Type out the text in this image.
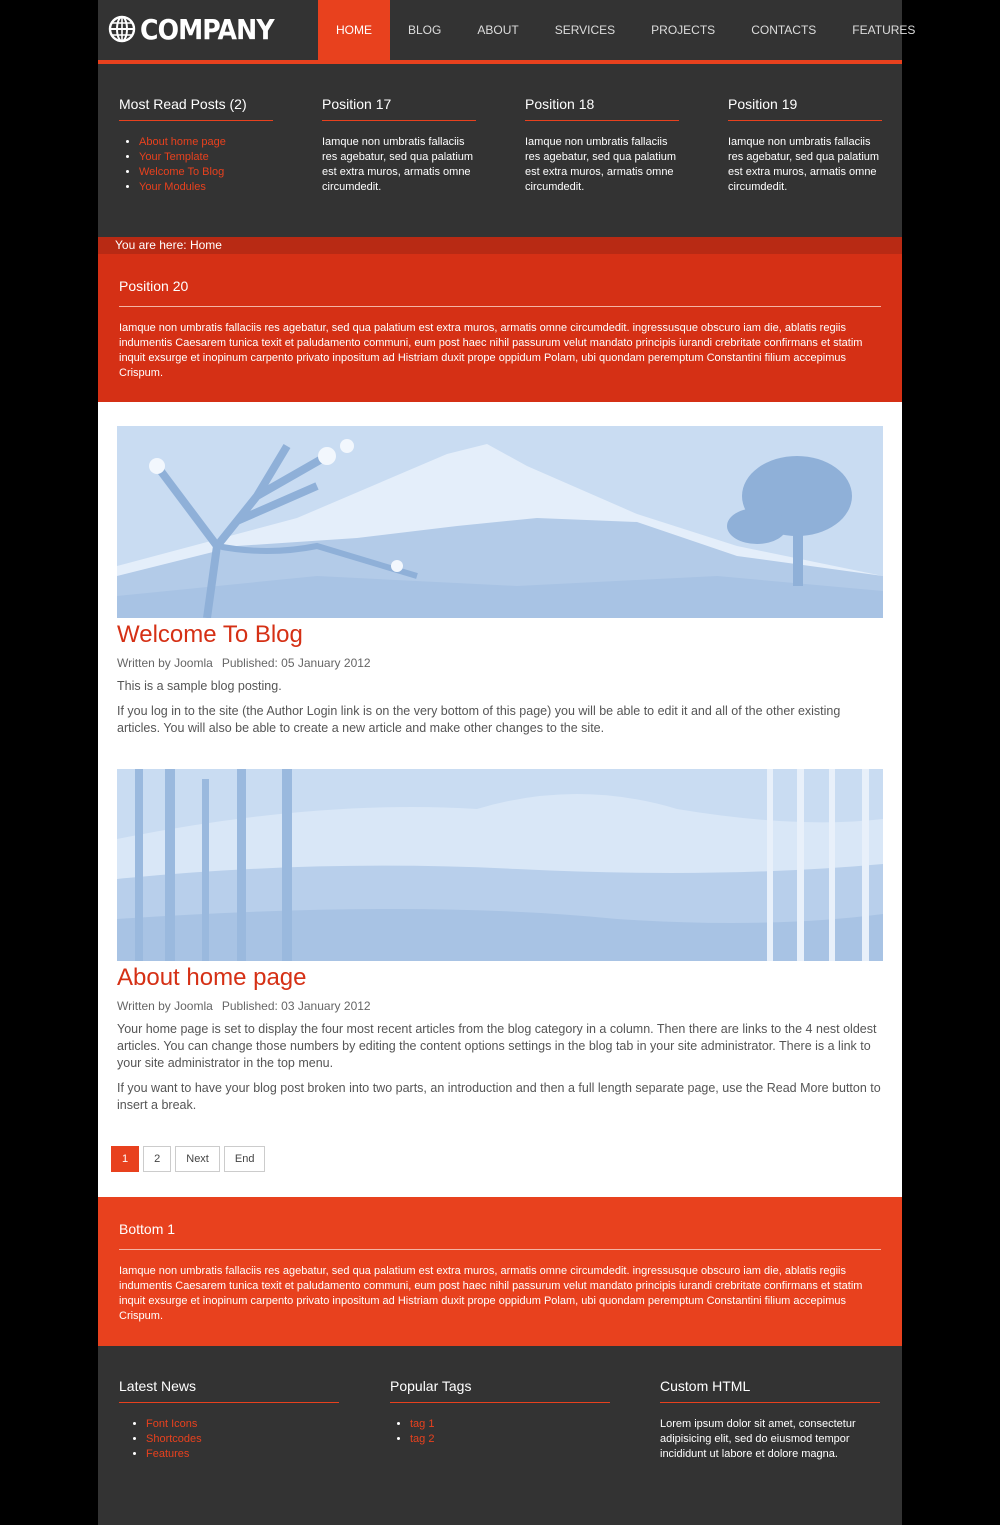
COMPANY	HOME	BLOG	ABOUT	SERVICES	PROJECTS	CONTACTS	FEATURES
Most Read Posts (2)
• About home page
• Your Template
• Welcome To Blog
• Your Modules
Position 17
Iamque non umbratis fallaciis res agebatur, sed qua palatium est extra muros, armatis omne circumdedit.
Position 18
Iamque non umbratis fallaciis res agebatur, sed qua palatium est extra muros, armatis omne circumdedit.
Position 19
Iamque non umbratis fallaciis res agebatur, sed qua palatium est extra muros, armatis omne circumdedit.
You are here: Home
Position 20
Iamque non umbratis fallaciis res agebatur, sed qua palatium est extra muros, armatis omne circumdedit. ingressusque obscuro iam die, ablatis regiis indumentis Caesarem tunica texit et paludamento communi, eum post haec nihil passurum velut mandato principis iurandi crebritate confirmans et statim inquit exsurge et inopinum carpento privato inpositum ad Histriam duxit prope oppidum Polam, ubi quondam peremptum Constantini filium accepimus Crispum.
Welcome To Blog
Written by Joomla Published: 05 January 2012

This is a sample blog posting.

If you log in to the site (the Author Login link is on the very bottom of this page) you will be able to edit it and all of the other existing articles. You will also be able to create a new article and make other changes to the site.

About home page
Written by Joomla Published: 03 January 2012

Your home page is set to display the four most recent articles from the blog category in a column. Then there are links to the 4 nest oldest articles. You can change those numbers by editing the content options settings in the blog tab in your site administrator. There is a link to your site administrator in the top menu.

If you want to have your blog post broken into two parts, an introduction and then a full length separate page, use the Read More button to insert a break.

1	2	Next	End
Bottom 1
Iamque non umbratis fallaciis res agebatur, sed qua palatium est extra muros, armatis omne circumdedit. ingressusque obscuro iam die, ablatis regiis indumentis Caesarem tunica texit et paludamento communi, eum post haec nihil passurum velut mandato principis iurandi crebritate confirmans et statim inquit exsurge et inopinum carpento privato inpositum ad Histriam duxit prope oppidum Polam, ubi quondam peremptum Constantini filium accepimus Crispum.
Latest News
• Font Icons
• Shortcodes
• Features
Popular Tags
• tag 1
• tag 2
Custom HTML
Lorem ipsum dolor sit amet, consectetur adipisicing elit, sed do eiusmod tempor incididunt ut labore et dolore magna.
